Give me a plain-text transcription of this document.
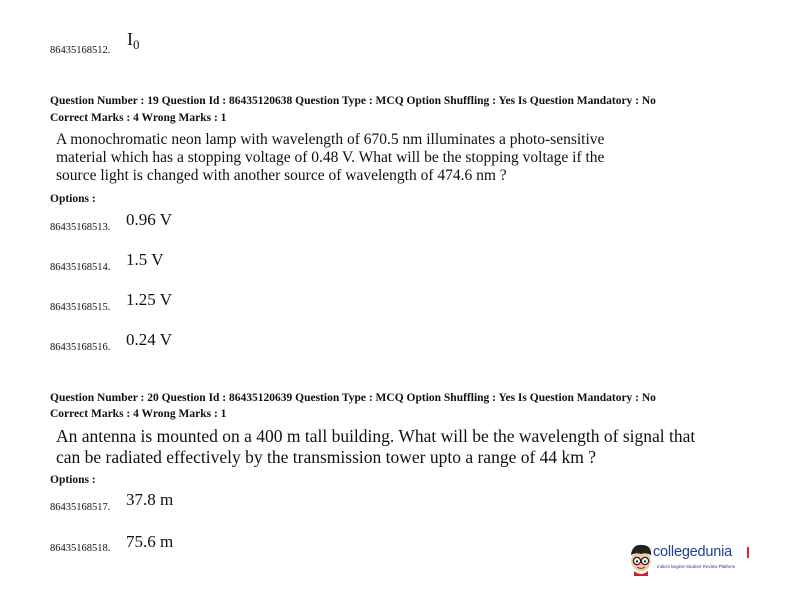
86435168512.
$I_0$
Question Number : 19 Question Id : 86435120638 Question Type : MCQ Option Shuffling : Yes Is Question Mandatory : No
Correct Marks : 4 Wrong Marks : 1
A monochromatic neon lamp with wavelength of 670.5 nm illuminates a photo-sensitive
material which has a stopping voltage of 0.48 V. What will be the stopping voltage if the
source light is changed with another source of wavelength of 474.6 nm ?
Options :
86435168513. 0.96 V
86435168514. 1.5 V
86435168515. 1.25 V
86435168516. 0.24 V
Question Number : 20 Question Id : 86435120639 Question Type : MCQ Option Shuffling : Yes Is Question Mandatory : No
Correct Marks : 4 Wrong Marks : 1
An antenna is mounted on a 400 m tall building. What will be the wavelength of signal that
can be radiated effectively by the transmission tower upto a range of 44 km ?
Options :
86435168517. 37.8 m
86435168518. 75.6 m
collegedunia
India's largest Student Review Platform
